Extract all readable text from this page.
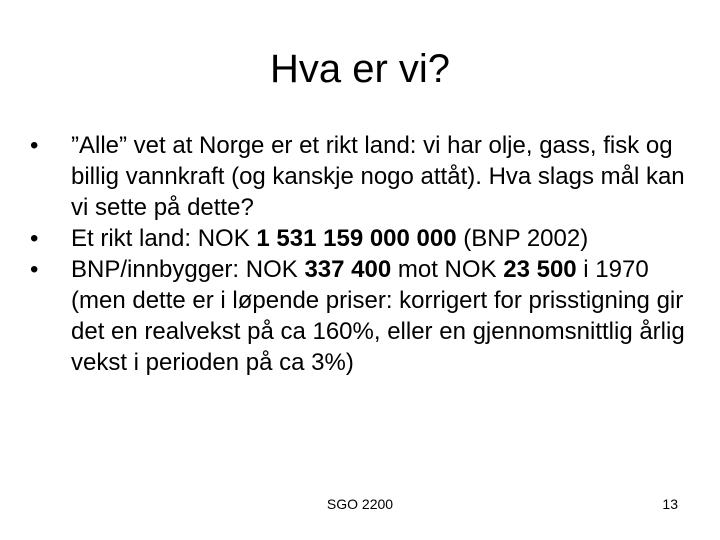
Hva er vi?
•	”Alle” vet at Norge er et rikt land: vi har olje, gass, fisk og billig vannkraft (og kanskje nogo attåt). Hva slags mål kan vi sette på dette?
•	Et rikt land: NOK 1 531 159 000 000 (BNP 2002)
•	BNP/innbygger: NOK 337 400 mot NOK 23 500 i 1970 (men dette er i løpende priser: korrigert for prisstigning gir det en realvekst på ca 160%, eller en gjennomsnittlig årlig vekst i perioden på ca 3%)
SGO 2200	13
